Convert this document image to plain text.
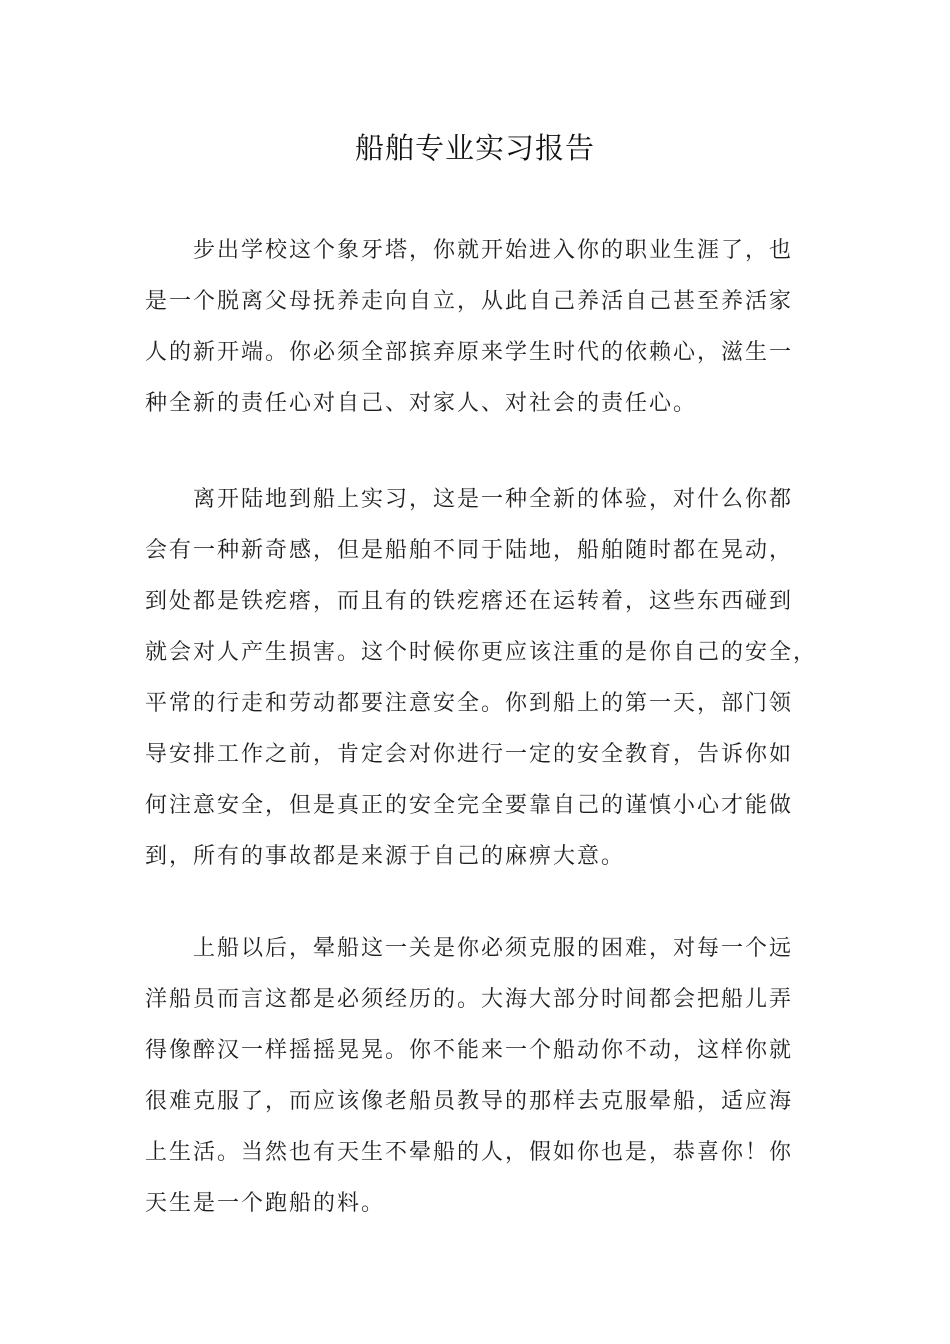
船舶专业实习报告
步出学校这个象牙塔，你就开始进入你的职业生涯了，也
是一个脱离父母抚养走向自立，从此自己养活自己甚至养活家
人的新开端。你必须全部摈弃原来学生时代的依赖心，滋生一
种全新的责任心对自己、对家人、对社会的责任心。
离开陆地到船上实习，这是一种全新的体验，对什么你都
会有一种新奇感，但是船舶不同于陆地，船舶随时都在晃动，
到处都是铁疙瘩，而且有的铁疙瘩还在运转着，这些东西碰到
就会对人产生损害。这个时候你更应该注重的是你自己的安全，
平常的行走和劳动都要注意安全。你到船上的第一天，部门领
导安排工作之前，肯定会对你进行一定的安全教育，告诉你如
何注意安全，但是真正的安全完全要靠自己的谨慎小心才能做
到，所有的事故都是来源于自己的麻痹大意。
上船以后，晕船这一关是你必须克服的困难，对每一个远
洋船员而言这都是必须经历的。大海大部分时间都会把船儿弄
得像醉汉一样摇摇晃晃。你不能来一个船动你不动，这样你就
很难克服了，而应该像老船员教导的那样去克服晕船，适应海
上生活。当然也有天生不晕船的人，假如你也是，恭喜你！你
天生是一个跑船的料。
